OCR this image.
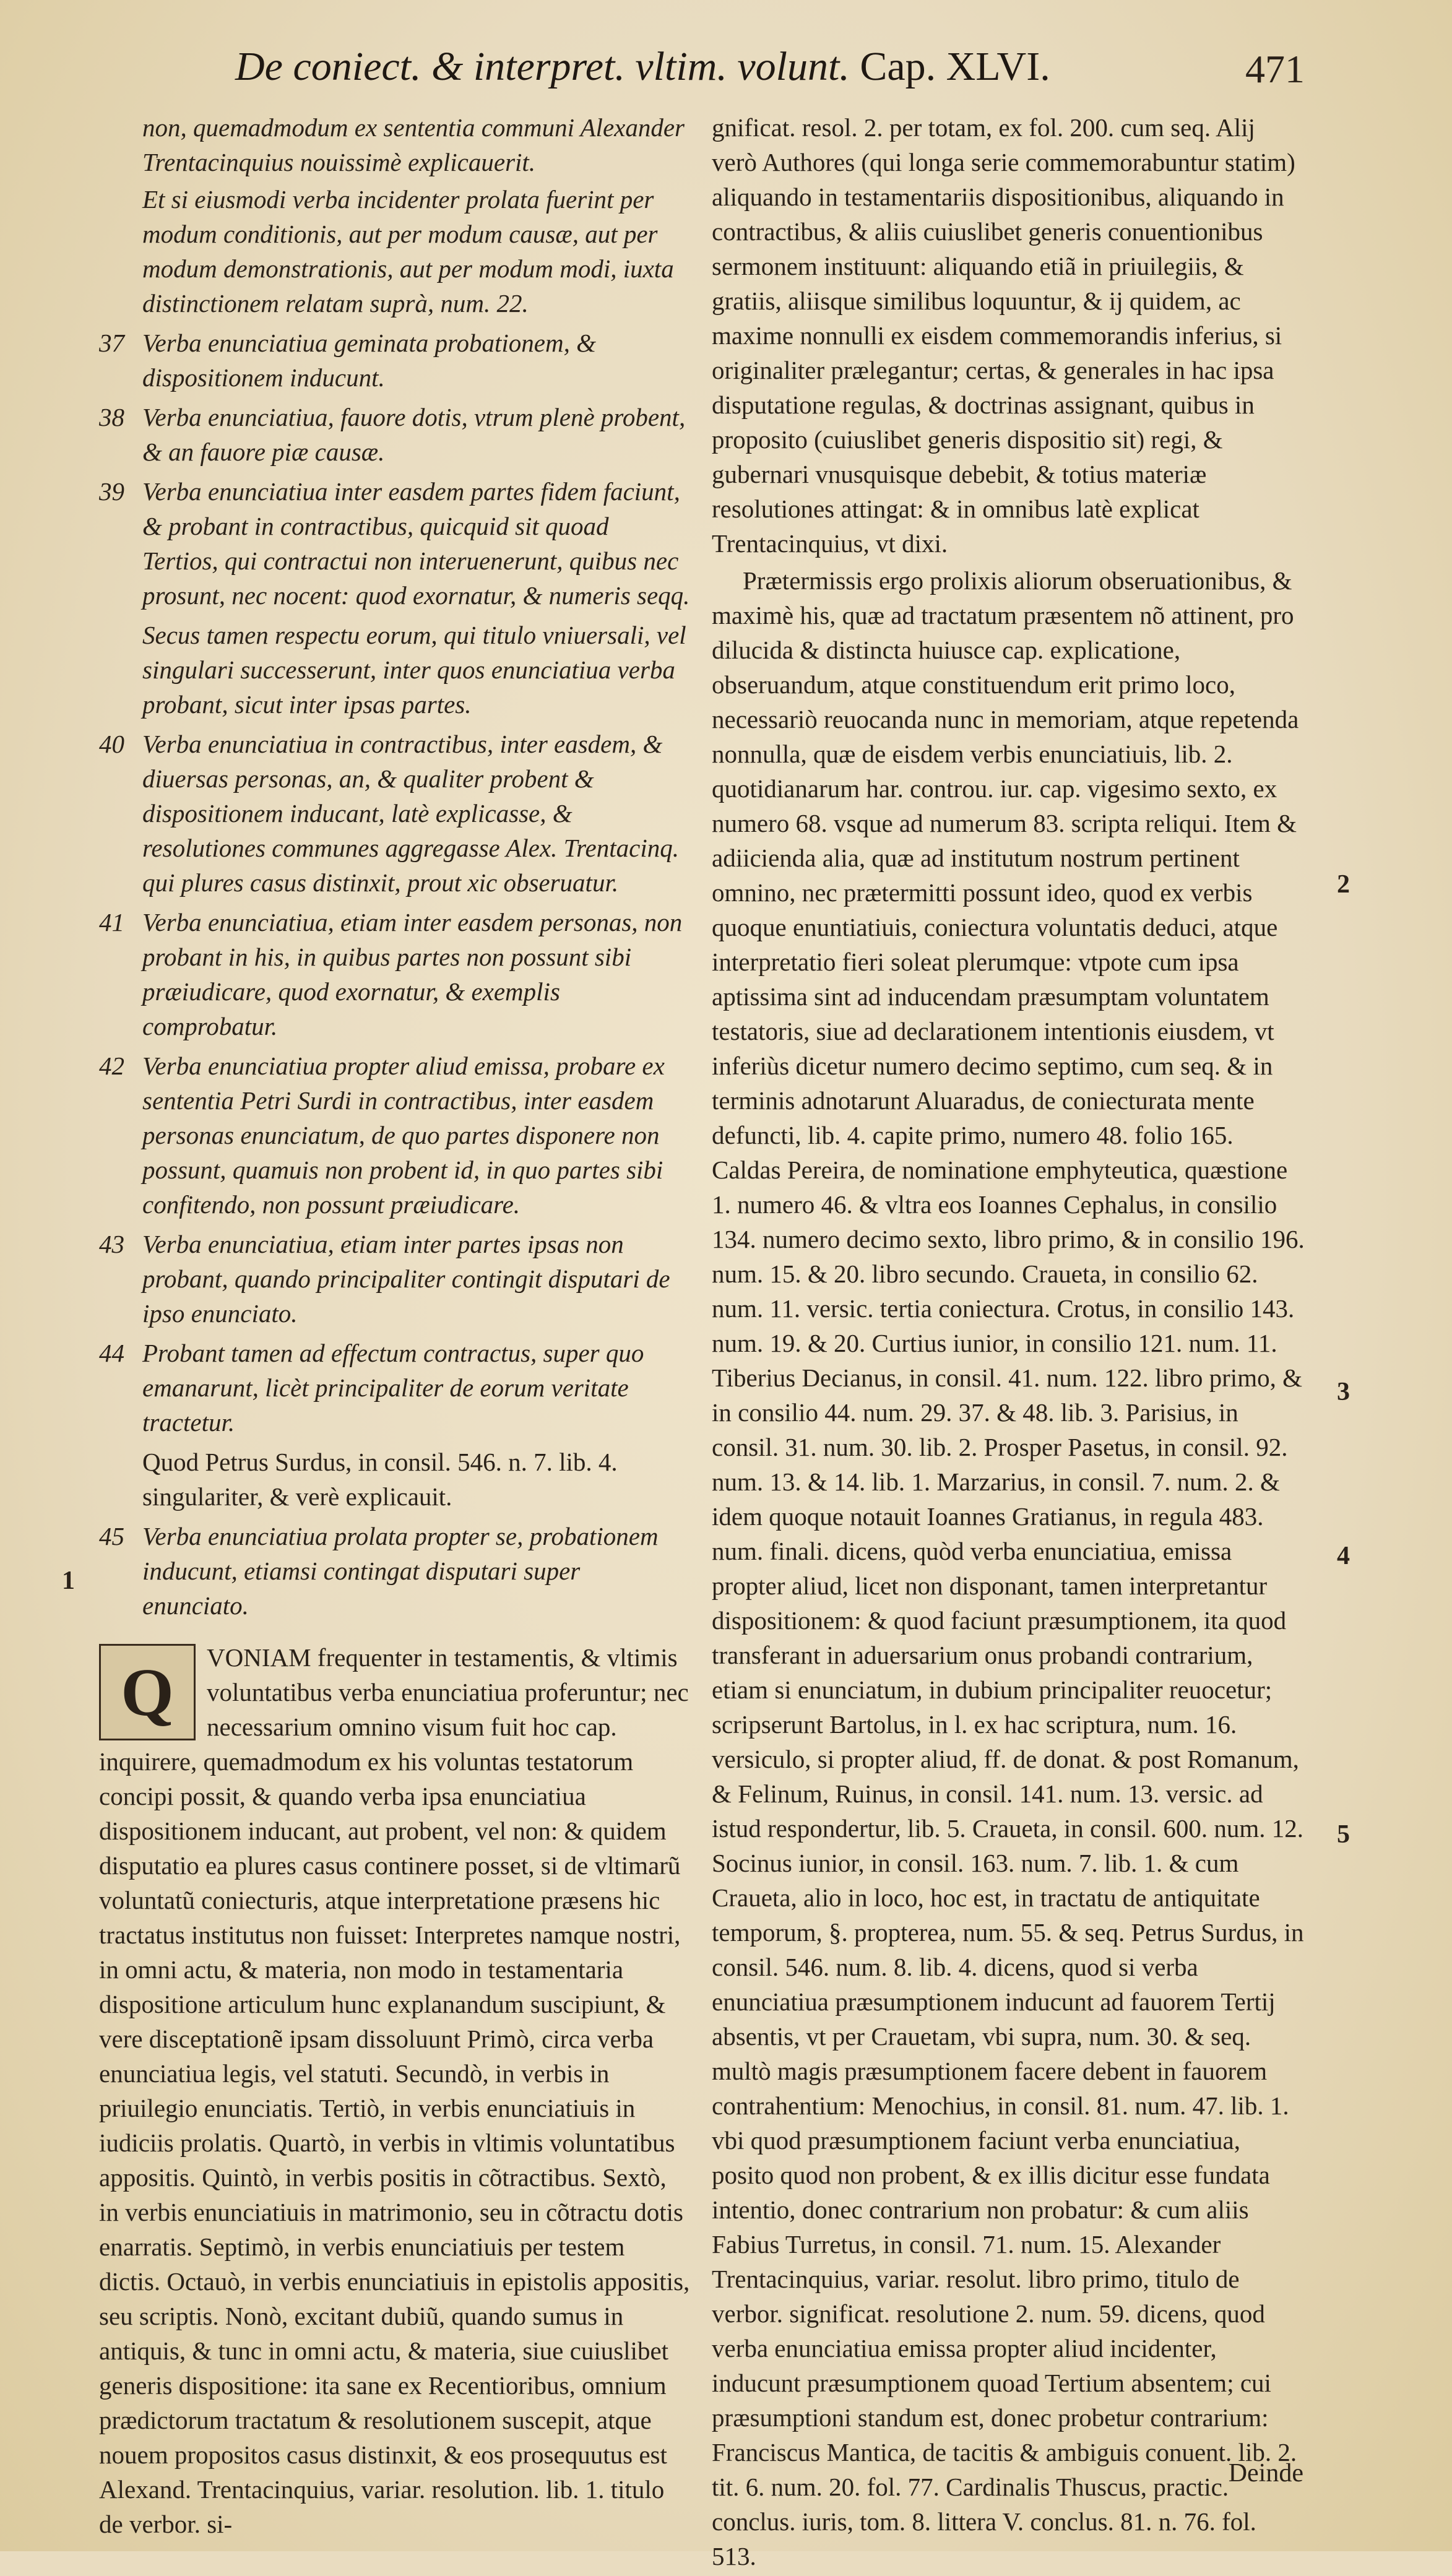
De coniect. & interpret. vltim. volunt. Cap. XLVI.	471

non, quemadmodum ex sententia communi Alexander Trentacinquius nouissimè explicauerit.

Et si eiusmodi verba incidenter prolata fuerint per modum conditionis, aut per modum causæ, aut per modum demonstrationis, aut per modum modi, iuxta distinctionem relatam suprà, num. 22.
37 Verba enunciatiua geminata probationem, & dispositionem inducunt.
38 Verba enunciatiua, fauore dotis, vtrum plenè probent, & an fauore piæ causæ.
39 Verba enunciatiua inter easdem partes fidem faciunt, & probant in contractibus, quicquid sit quoad Tertios, qui contractui non interuenerunt, quibus nec prosunt, nec nocent: quod exornatur, & numeris seqq.
Secus tamen respectu eorum, qui titulo vniuersali, vel singulari successerunt, inter quos enunciatiua verba probant, sicut inter ipsas partes.
40 Verba enunciatiua in contractibus, inter easdem, & diuersas personas, an, & qualiter probent & dispositionem inducant, latè explicasse, & resolutiones communes aggregasse Alex. Trentacinq. qui plures casus distinxit, prout xic obseruatur.
41 Verba enunciatiua, etiam inter easdem personas, non probant in his, in quibus partes non possunt sibi præiudicare, quod exornatur, & exemplis comprobatur.
42 Verba enunciatiua propter aliud emissa, probare ex sententia Petri Surdi in contractibus, inter easdem personas enunciatum, de quo partes disponere non possunt, quamuis non probent id, in quo partes sibi confitendo, non possunt præiudicare.
43 Verba enunciatiua, etiam inter partes ipsas non probant, quando principaliter contingit disputari de ipso enunciato.
44 Probant tamen ad effectum contractus, super quo emanarunt, licèt principaliter de eorum veritate tractetur.
Quod Petrus Surdus, in consil. 546. n. 7. lib. 4. singulariter, & verè explicauit.
45 Verba enunciatiua prolata propter se, probationem inducunt, etiamsi contingat disputari super enunciato.
Q	VONIAM frequenter in testamentis, & vltimis voluntatibus verba enunciatiua proferuntur; nec necessarium omnino visum fuit hoc cap. inquirere, quemadmodum ex his voluntas testatorum concipi possit, & quando verba ipsa enunciatiua dispositionem inducant, aut probent, vel non: & quidem disputatio ea plures casus continere posset, si de vltimarũ voluntatũ coniecturis, atque interpretatione præsens hic tractatus institutus non fuisset: Interpretes namque nostri, in omni actu, & materia, non modo in testamentaria dispositione articulum hunc explanandum suscipiunt, & vere disceptationẽ ipsam dissoluunt Primò, circa verba enunciatiua legis, vel statuti. Secundò, in verbis in priuilegio enunciatis. Tertiò, in verbis enunciatiuis in iudiciis prolatis. Quartò, in verbis in vltimis voluntatibus appositis. Quintò, in verbis positis in cõtractibus. Sextò, in verbis enunciatiuis in matrimonio, seu in cõtractu dotis enarratis. Septimò, in verbis enunciatiuis per testem dictis. Octauò, in verbis enunciatiuis in epistolis appositis, seu scriptis. Nonò, excitant dubiũ, quando sumus in antiquis, & tunc in omni actu, & materia, siue cuiuslibet generis dispositione: ita sane ex Recentioribus, omnium prædictorum tractatum & resolutionem suscepit, atque nouem propositos casus distinxit, & eos prosequutus est Alexand. Trentacinquius, variar. resolution. lib. 1. titulo de verbor. si-

1

gnificat. resol. 2. per totam, ex fol. 200. cum seq. Alij verò Authores (qui longa serie commemorabuntur statim) aliquando in testamentariis dispositionibus, aliquando in contractibus, & aliis cuiuslibet generis conuentionibus sermonem instituunt: aliquando etiã in priuilegiis, & gratiis, aliisque similibus loquuntur, & ij quidem, ac maxime nonnulli ex eisdem commemorandis inferius, si originaliter prælegantur; certas, & generales in hac ipsa disputatione regulas, & doctrinas assignant, quibus in proposito (cuiuslibet generis dispositio sit) regi, & gubernari vnusquisque debebit, & totius materiæ resolutiones attingat: & in omnibus latè explicat Trentacinquius, vt dixi.

Prætermissis ergo prolixis aliorum obseruationibus, & maximè his, quæ ad tractatum præsentem nõ attinent, pro dilucida & distincta huiusce cap. explicatione, obseruandum, atque constituendum erit primo loco, necessariò reuocanda nunc in memoriam, atque repetenda nonnulla, quæ de eisdem verbis enunciatiuis, lib. 2. quotidianarum har. controu. iur. cap. vigesimo sexto, ex numero 68. vsque ad numerum 83. scripta reliqui. Item & adiicienda alia, quæ ad institutum nostrum pertinent omnino, nec prætermitti possunt ideo, quod ex verbis quoque enuntiatiuis, coniectura voluntatis deduci, atque interpretatio fieri soleat plerumque: vtpote cum ipsa aptissima sint ad inducendam præsumptam voluntatem testatoris, siue ad declarationem intentionis eiusdem, vt inferiùs dicetur numero decimo septimo, cum seq. & in terminis adnotarunt Aluaradus, de coniecturata mente defuncti, lib. 4. capite primo, numero 48. folio 165. Caldas Pereira, de nominatione emphyteutica, quæstione 1. numero 46. & vltra eos Ioannes Cephalus, in consilio 134. numero decimo sexto, libro primo, & in consilio 196. num. 15. & 20. libro secundo. Craueta, in consilio 62. num. 11. versic. tertia coniectura. Crotus, in consilio 143. num. 19. & 20. Curtius iunior, in consilio 121. num. 11. Tiberius Decianus, in consil. 41. num. 122. libro primo, & in consilio 44. num. 29. 37. & 48. lib. 3. Parisius, in consil. 31. num. 30. lib. 2. Prosper Pasetus, in consil. 92. num. 13. & 14. lib. 1. Marzarius, in consil. 7. num. 2. & idem quoque notauit Ioannes Gratianus, in regula 483. num. finali. dicens, quòd verba enunciatiua, emissa propter aliud, licet non disponant, tamen interpretantur dispositionem: & quod faciunt præsumptionem, ita quod transferant in aduersarium onus probandi contrarium, etiam si enunciatum, in dubium principaliter reuocetur; scripserunt Bartolus, in l. ex hac scriptura, num. 16. versiculo, si propter aliud, ff. de donat. & post Romanum, & Felinum, Ruinus, in consil. 141. num. 13. versic. ad istud respondertur, lib. 5. Craueta, in consil. 600. num. 12. Socinus iunior, in consil. 163. num. 7. lib. 1. & cum Craueta, alio in loco, hoc est, in tractatu de antiquitate temporum, §. propterea, num. 55. & seq. Petrus Surdus, in consil. 546. num. 8. lib. 4. dicens, quod si verba enunciatiua præsumptionem inducunt ad fauorem Tertij absentis, vt per Crauetam, vbi supra, num. 30. & seq. multò magis præsumptionem facere debent in fauorem contrahentium: Menochius, in consil. 81. num. 47. lib. 1. vbi quod præsumptionem faciunt verba enunciatiua, posito quod non probent, & ex illis dicitur esse fundata intentio, donec contrarium non probatur: & cum aliis Fabius Turretus, in consil. 71. num. 15. Alexander Trentacinquius, variar. resolut. libro primo, titulo de verbor. significat. resolutione 2. num. 59. dicens, quod verba enunciatiua emissa propter aliud incidenter, inducunt præsumptionem quoad Tertium absentem; cui præsumptioni standum est, donec probetur contrarium: Franciscus Mantica, de tacitis & ambiguis conuent. lib. 2. tit. 6. num. 20. fol. 77. Cardinalis Thuscus, practic. conclus. iuris, tom. 8. littera V. conclus. 81. n. 76. fol. 513.

2
3
4
5
Deinde
